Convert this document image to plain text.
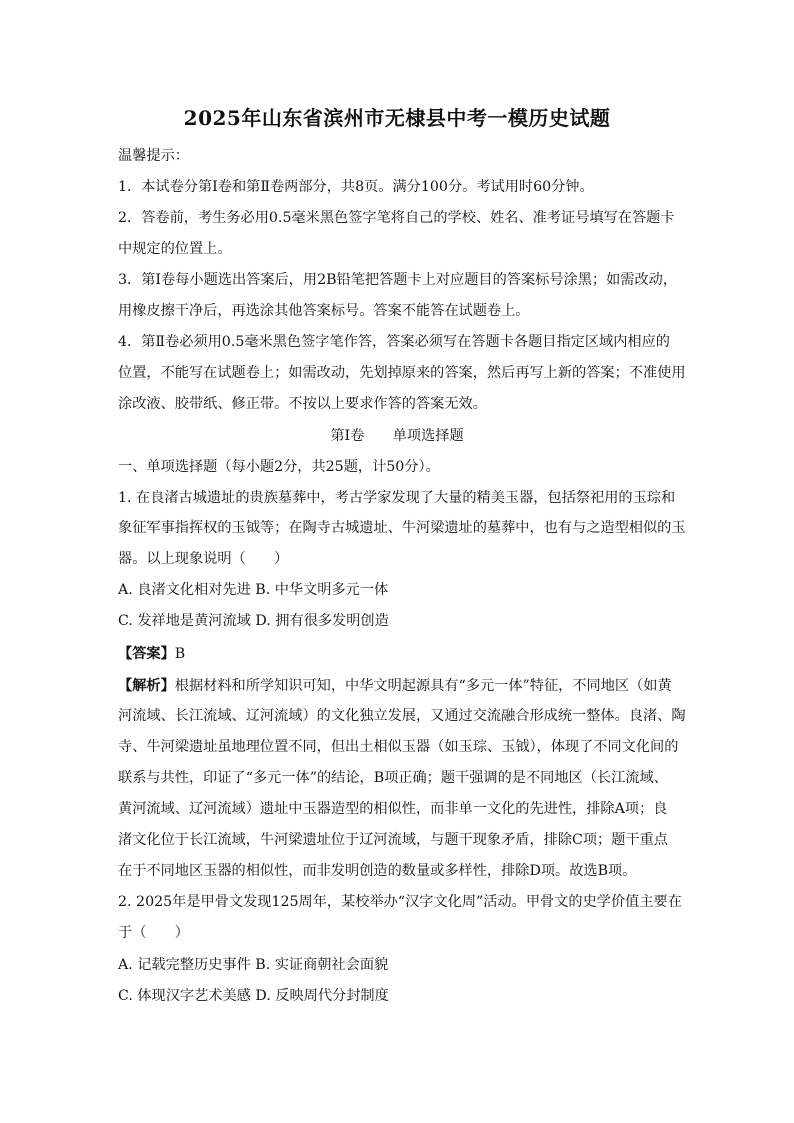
2025年山东省滨州市无棣县中考一模历史试题
温馨提示：
1．本试卷分第Ⅰ卷和第Ⅱ卷两部分，共8页。满分100分。考试用时60分钟。
2．答卷前，考生务必用0.5毫米黑色签字笔将自己的学校、姓名、准考证号填写在答题卡
中规定的位置上。
3．第Ⅰ卷每小题选出答案后，用2B铅笔把答题卡上对应题目的答案标号涂黑；如需改动，
用橡皮擦干净后，再选涂其他答案标号。答案不能答在试题卷上。
4．第Ⅱ卷必须用0.5毫米黑色签字笔作答，答案必须写在答题卡各题目指定区域内相应的
位置，不能写在试题卷上；如需改动，先划掉原来的答案，然后再写上新的答案；不准使用
涂改液、胶带纸、修正带。不按以上要求作答的答案无效。
第Ⅰ卷　　单项选择题
一、单项选择题（每小题2分，共25题，计50分）。
1. 在良渚古城遗址的贵族墓葬中，考古学家发现了大量的精美玉器，包括祭祀用的玉琮和
象征军事指挥权的玉钺等；在陶寺古城遗址、牛河梁遗址的墓葬中，也有与之造型相似的玉
器。以上现象说明（　　）
A. 良渚文化相对先进 B. 中华文明多元一体
C. 发祥地是黄河流域 D. 拥有很多发明创造
【答案】B
【解析】根据材料和所学知识可知，中华文明起源具有“多元一体”特征，不同地区（如黄
河流域、长江流域、辽河流域）的文化独立发展，又通过交流融合形成统一整体。良渚、陶
寺、牛河梁遗址虽地理位置不同，但出土相似玉器（如玉琮、玉钺），体现了不同文化间的
联系与共性，印证了“多元一体”的结论，B项正确；题干强调的是不同地区（长江流域、
黄河流域、辽河流域）遗址中玉器造型的相似性，而非单一文化的先进性，排除A项；良
渚文化位于长江流域，牛河梁遗址位于辽河流域，与题干现象矛盾，排除C项；题干重点
在于不同地区玉器的相似性，而非发明创造的数量或多样性，排除D项。故选B项。
2. 2025年是甲骨文发现125周年，某校举办“汉字文化周”活动。甲骨文的史学价值主要在
于（　　）
A. 记载完整历史事件 B. 实证商朝社会面貌
C. 体现汉字艺术美感 D. 反映周代分封制度
